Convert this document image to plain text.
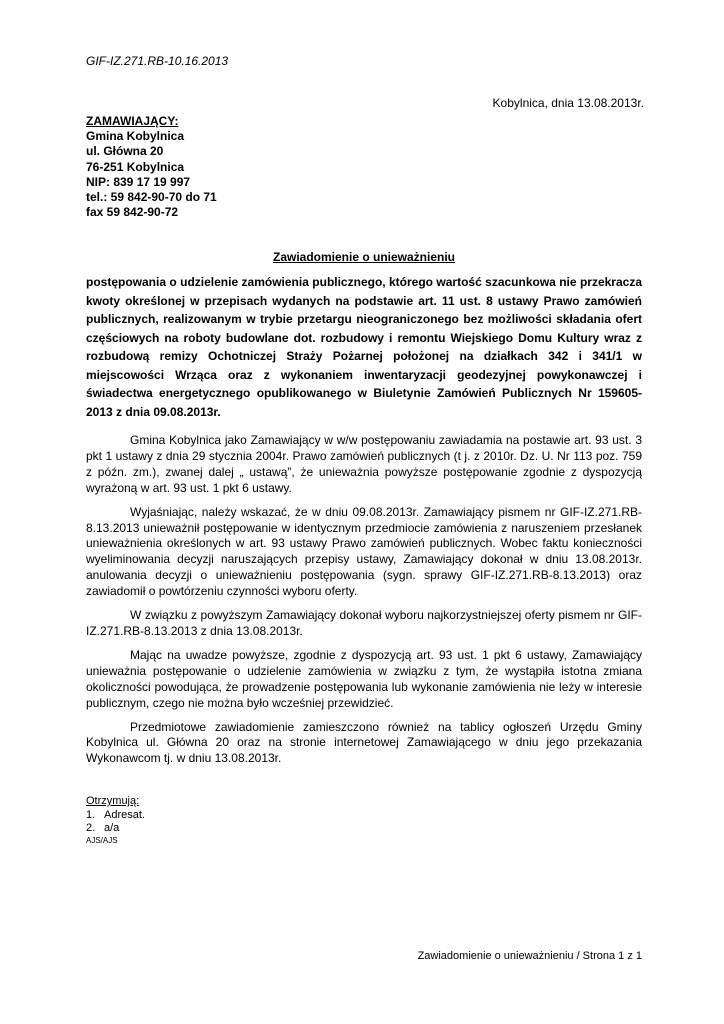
GIF-IZ.271.RB-10.16.2013
Kobylnica, dnia 13.08.2013r.
ZAMAWIAJĄCY:
Gmina Kobylnica
ul. Główna 20
76-251 Kobylnica
NIP: 839 17 19 997
tel.: 59 842-90-70 do 71
fax 59 842-90-72
Zawiadomienie o unieważnieniu
postępowania o udzielenie zamówienia publicznego, którego wartość szacunkowa nie przekracza kwoty określonej w przepisach wydanych na podstawie art. 11 ust. 8 ustawy Prawo zamówień publicznych, realizowanym w trybie przetargu nieograniczonego bez możliwości składania ofert częściowych na roboty budowlane dot. rozbudowy i remontu Wiejskiego Domu Kultury wraz z rozbudową remizy Ochotniczej Straży Pożarnej położonej na działkach 342 i 341/1 w miejscowości Wrząca oraz z wykonaniem inwentaryzacji geodezyjnej powykonawczej i świadectwa energetycznego opublikowanego w Biuletynie Zamówień Publicznych Nr 159605-2013 z dnia 09.08.2013r.

Gmina Kobylnica jako Zamawiający w w/w postępowaniu zawiadamia na postawie art. 93 ust. 3 pkt 1 ustawy z dnia 29 stycznia 2004r. Prawo zamówień publicznych (t j. z 2010r. Dz. U. Nr 113 poz. 759 z późn. zm.), zwanej dalej „ ustawą”, że unieważnia powyższe postępowanie zgodnie z dyspozycją wyrażoną w art. 93 ust. 1 pkt 6 ustawy.

Wyjaśniając, należy wskazać, że w dniu 09.08.2013r. Zamawiający pismem nr GIF-IZ.271.RB-8.13.2013 unieważnił postępowanie w identycznym przedmiocie zamówienia z naruszeniem przesłanek unieważnienia określonych w art. 93 ustawy Prawo zamówień publicznych. Wobec faktu konieczności wyeliminowania decyzji naruszających przepisy ustawy, Zamawiający dokonał w dniu 13.08.2013r. anulowania decyzji o unieważnieniu postępowania (sygn. sprawy GIF-IZ.271.RB-8.13.2013) oraz zawiadomił o powtórzeniu czynności wyboru oferty.

W związku z powyższym Zamawiający dokonał wyboru najkorzystniejszej oferty pismem nr GIF-IZ.271.RB-8.13.2013 z dnia 13.08.2013r.

Mając na uwadze powyższe, zgodnie z dyspozycją art. 93 ust. 1 pkt 6 ustawy, Zamawiający unieważnia postępowanie o udzielenie zamówienia w związku z tym, że wystąpiła istotna zmiana okoliczności powodująca, że prowadzenie postępowania lub wykonanie zamówienia nie leży w interesie publicznym, czego nie można było wcześniej przewidzieć.

Przedmiotowe zawiadomienie zamieszczono również na tablicy ogłoszeń Urzędu Gminy Kobylnica ul. Główna 20 oraz na stronie internetowej Zamawiającego w dniu jego przekazania Wykonawcom tj. w dniu 13.08.2013r.

Otrzymują:
1. Adresat.
2. a/a
AJS/AJS
Zawiadomienie o unieważnieniu / Strona 1 z 1
